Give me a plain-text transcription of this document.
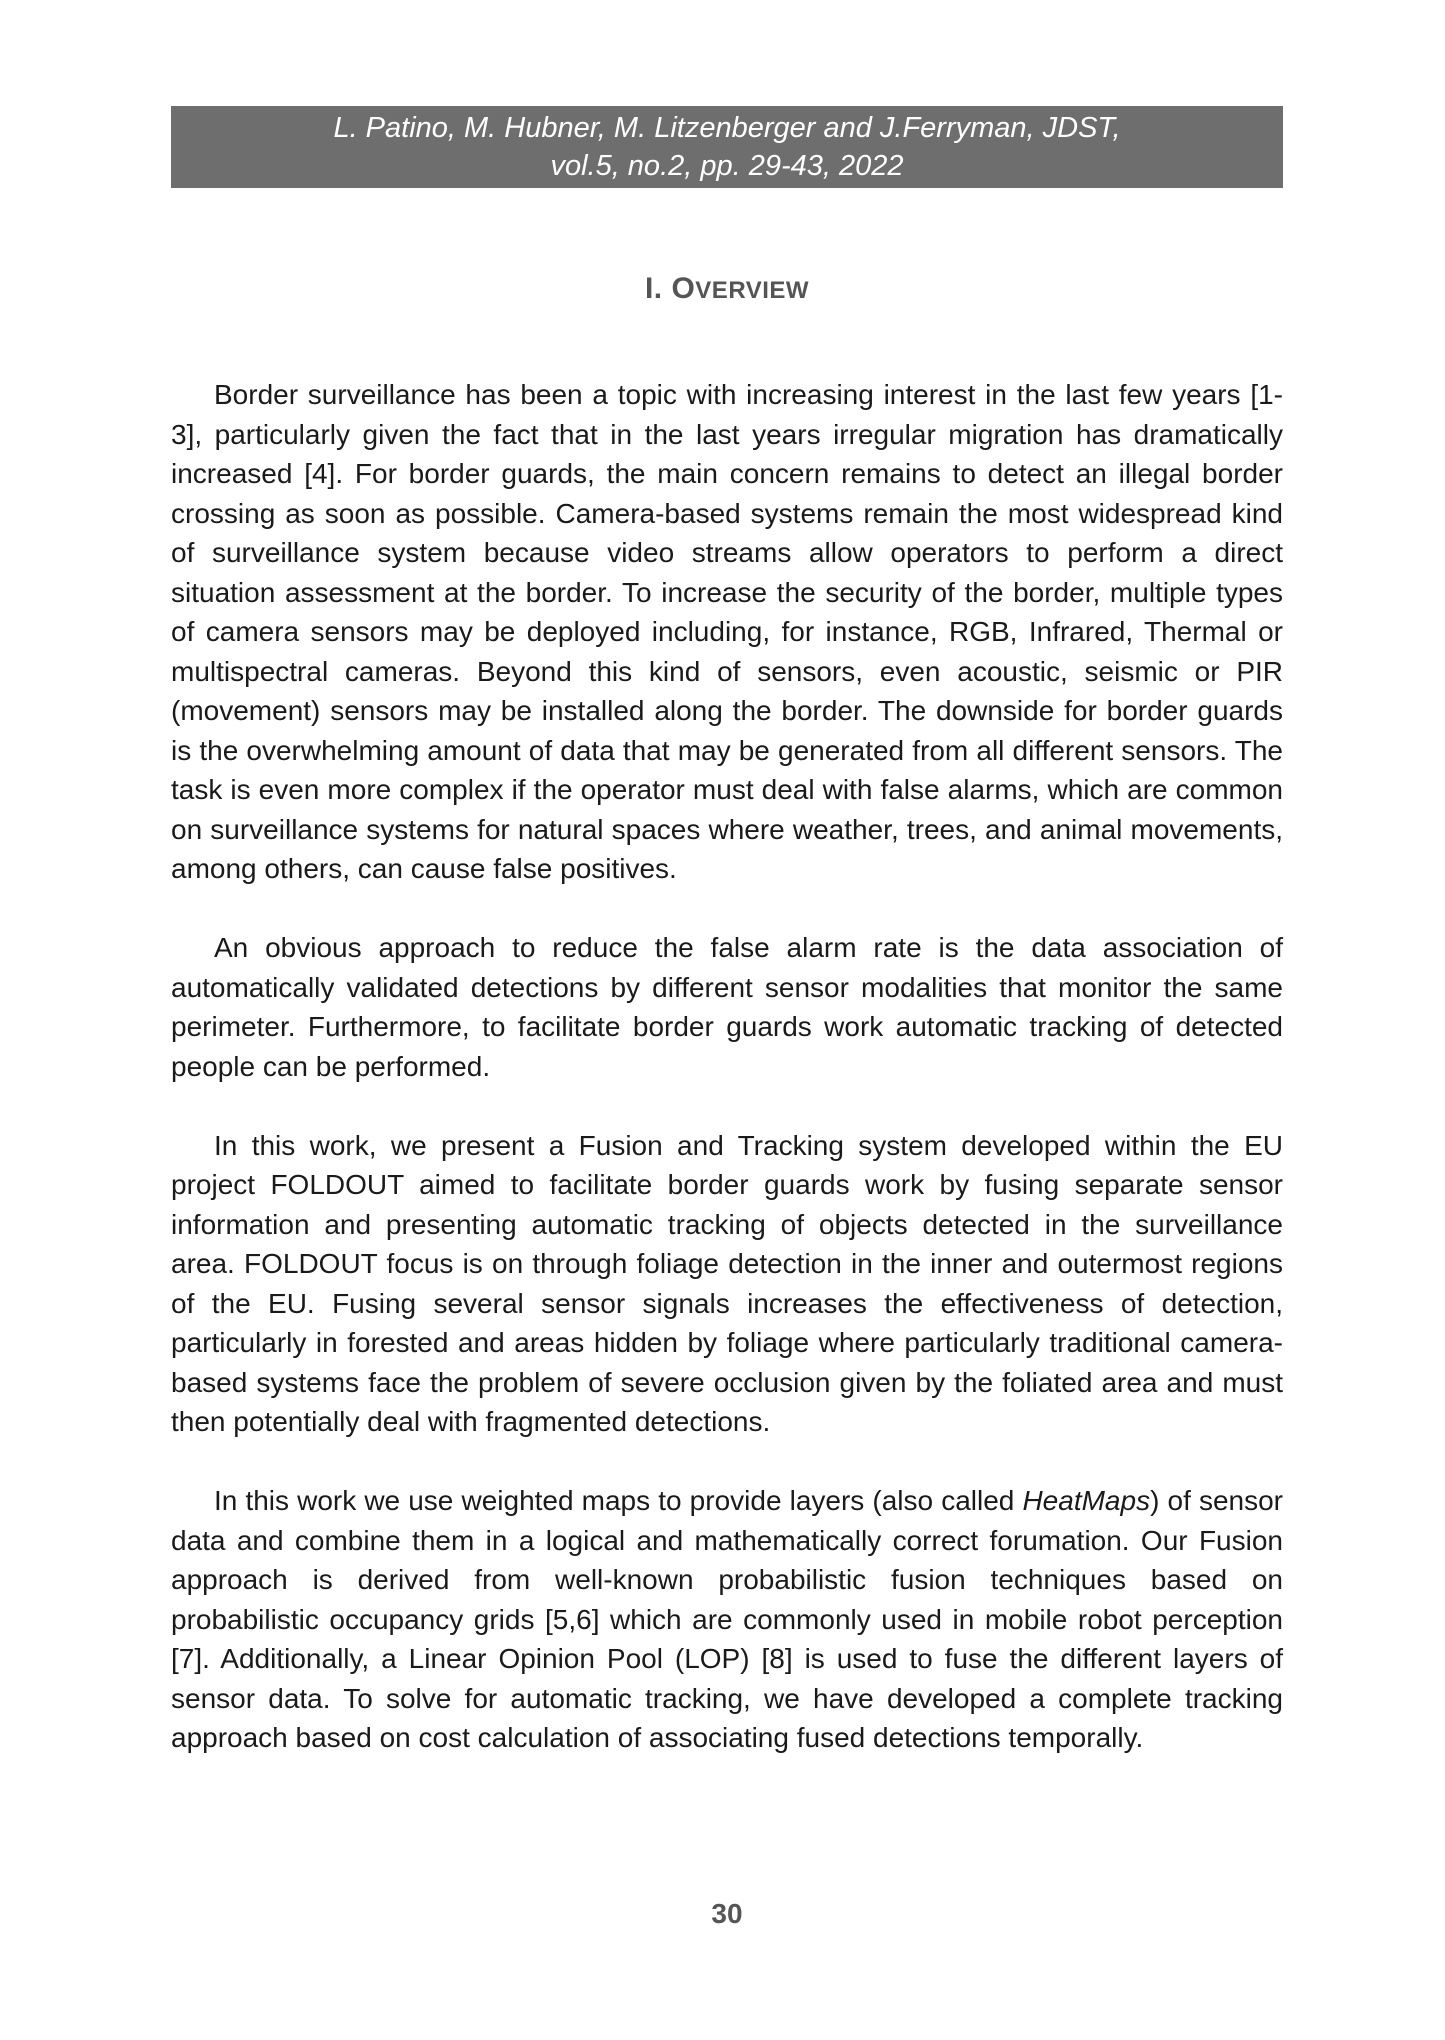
L. Patino, M. Hubner, M. Litzenberger and J.Ferryman, JDST,
vol.5, no.2, pp. 29-43, 2022
I. OVERVIEW

Border surveillance has been a topic with increasing interest in the last few years [1-3], particularly given the fact that in the last years irregular migration has dramatically increased [4]. For border guards, the main concern remains to detect an illegal border crossing as soon as possible. Camera-based systems remain the most widespread kind of surveillance system because video streams allow operators to perform a direct situation assessment at the border. To increase the security of the border, multiple types of camera sensors may be deployed including, for instance, RGB, Infrared, Thermal or multispectral cameras. Beyond this kind of sensors, even acoustic, seismic or PIR (movement) sensors may be installed along the border. The downside for border guards is the overwhelming amount of data that may be generated from all different sensors. The task is even more complex if the operator must deal with false alarms, which are common on surveillance systems for natural spaces where weather, trees, and animal movements, among others, can cause false positives.

An obvious approach to reduce the false alarm rate is the data association of automatically validated detections by different sensor modalities that monitor the same perimeter. Furthermore, to facilitate border guards work automatic tracking of detected people can be performed.

In this work, we present a Fusion and Tracking system developed within the EU project FOLDOUT aimed to facilitate border guards work by fusing separate sensor information and presenting automatic tracking of objects detected in the surveillance area. FOLDOUT focus is on through foliage detection in the inner and outermost regions of the EU. Fusing several sensor signals increases the effectiveness of detection, particularly in forested and areas hidden by foliage where particularly traditional camera-based systems face the problem of severe occlusion given by the foliated area and must then potentially deal with fragmented detections.

In this work we use weighted maps to provide layers (also called HeatMaps) of sensor data and combine them in a logical and mathematically correct forumation. Our Fusion approach is derived from well-known probabilistic fusion techniques based on probabilistic occupancy grids [5,6] which are commonly used in mobile robot perception [7]. Additionally, a Linear Opinion Pool (LOP) [8] is used to fuse the different layers of sensor data. To solve for automatic tracking, we have developed a complete tracking approach based on cost calculation of associating fused detections temporally.

30
